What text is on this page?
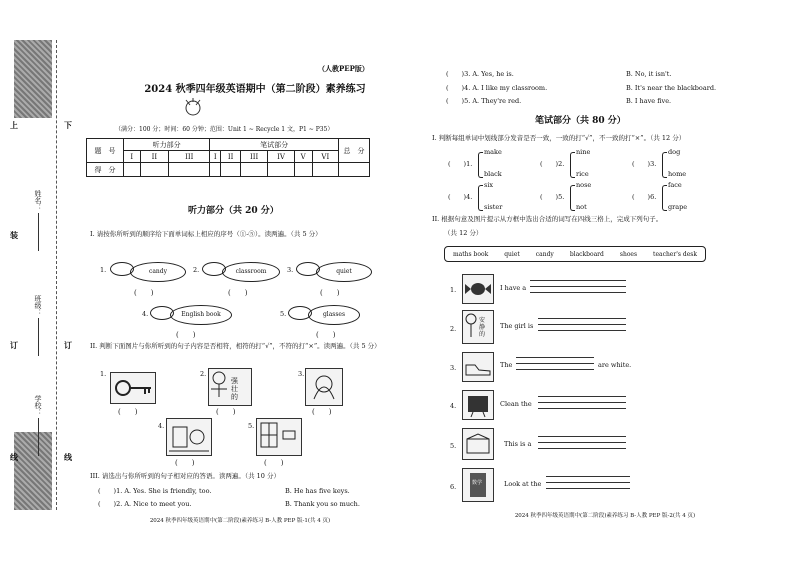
上	下
装
订	订
线	线
姓名：
班级：
学校：
（人教PEP版）
2024 秋季四年级英语期中（第二阶段）素养练习
（满分：100 分；时间：60 分钟；范围：Unit 1 ~ Recycle 1 文，P1 ~ P35）
题　号	听力部分			笔试部分						总　分
	I	II	III	I	II	III	IV	V	VI	
得　分										
听力部分（共 20 分）
I. 请按你所听到的顺序给下面单词标上相应的序号（①-⑤）。读两遍。（共 5 分）
1.	candy
(　　)
2.	classroom
(　　)
3.	quiet
(　　)
4.	English book
(　　)
5.	glasses
(　　)
II. 判断下面图片与你所听到的句子内容是否相符，相符的打“√”，不符的打“×”。读两遍。（共 5 分）
1.
(　　)
2.
强壮的
(　　)
3.
(　　)
4.
(　　)
5.
(　　)
III. 请选出与你所听到的句子相对应的答语。读两遍。（共 10 分）
(　　)1. A. Yes. She is friendly, too.	B. He has five keys.
(　　)2. A. Nice to meet you.	B. Thank you so much.
2024 秋季四年级英语期中(第二阶段)素养练习 B-人教 PEP 版-1(共 4 页)
(　　)3. A. Yes, he is.	B. No, it isn't.
(　　)4. A. I like my classroom.	B. It's near the blackboard.
(　　)5. A. They're red.	B. I have five.
笔试部分（共 80 分）
I. 判断每组单词中划线部分发音是否一致，一致的打“√”，不一致的打“×”。（共 12 分）
(　　)1.
make
black
(　　)2.
nine
rice
(　　)3.
dog
home
(　　)4.
six
sister
(　　)5.
nose
not
(　　)6.
face
grape
II. 根据句意及图片提示从方框中选出合适的词写在四线三格上，完成下列句子。
（共 12 分）
maths book	quiet	candy	blackboard	shoes	teacher's desk
1.	I have a
2.
安静的
The girl is
3.	The	are white.
4.	Clean the
5.	This is a
6.	数学	Look at the
2024 秋季四年级英语期中(第二阶段)素养练习 B-人教 PEP 版-2(共 4 页)
